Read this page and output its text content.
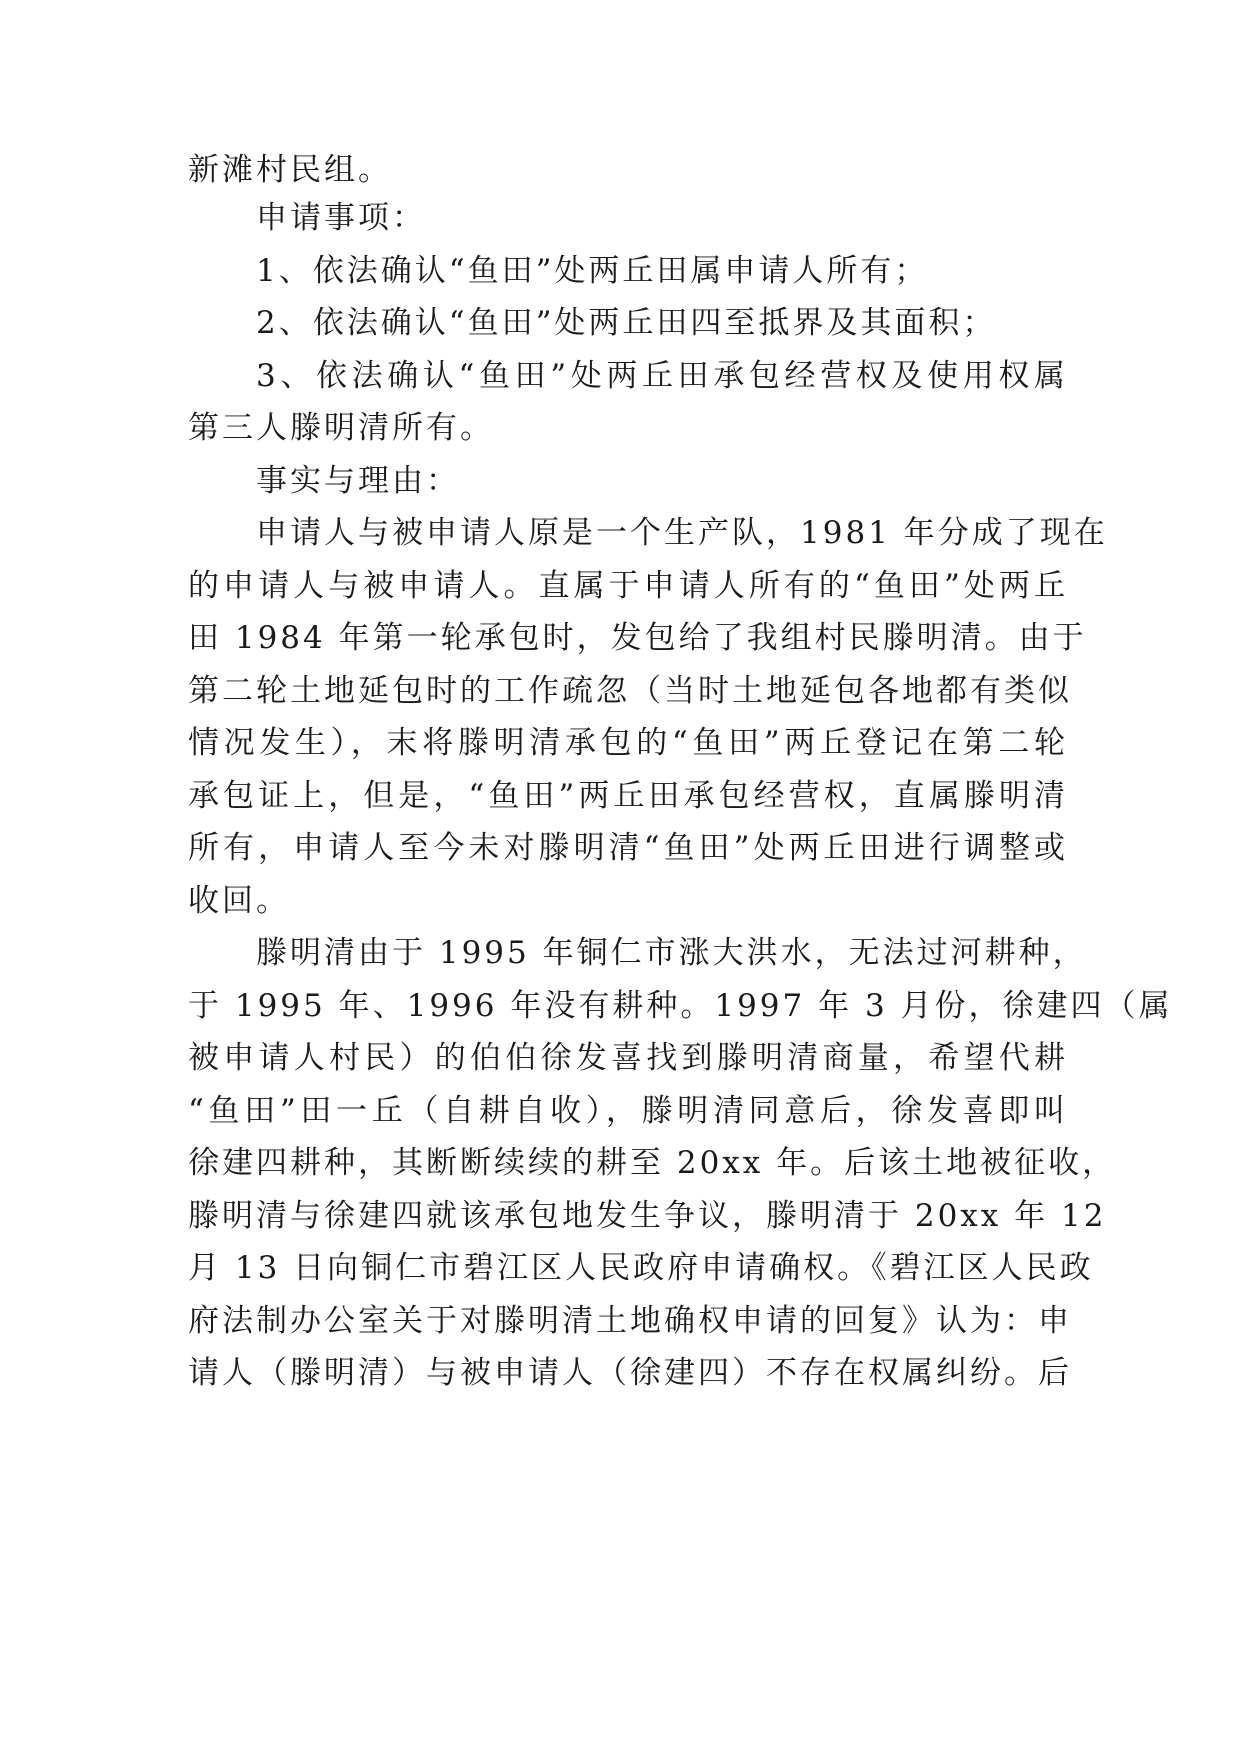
新滩村民组。
申请事项：
1、依法确认“鱼田”处两丘田属申请人所有；
2、依法确认“鱼田”处两丘田四至抵界及其面积；
3、依法确认“鱼田”处两丘田承包经营权及使用权属
第三人滕明清所有。
事实与理由：
申请人与被申请人原是一个生产队，1981 年分成了现在
的申请人与被申请人。直属于申请人所有的“鱼田”处两丘
田 1984 年第一轮承包时，发包给了我组村民滕明清。由于
第二轮土地延包时的工作疏忽（当时土地延包各地都有类似
情况发生），末将滕明清承包的“鱼田”两丘登记在第二轮
承包证上，但是，“鱼田”两丘田承包经营权，直属滕明清
所有，申请人至今未对滕明清“鱼田”处两丘田进行调整或
收回。
滕明清由于 1995 年铜仁市涨大洪水，无法过河耕种，
于 1995 年、1996 年没有耕种。1997 年 3 月份，徐建四（属
被申请人村民）的伯伯徐发喜找到滕明清商量，希望代耕
“鱼田”田一丘（自耕自收），滕明清同意后，徐发喜即叫
徐建四耕种，其断断续续的耕至 20xx 年。后该土地被征收，
滕明清与徐建四就该承包地发生争议，滕明清于 20xx 年 12
月 13 日向铜仁市碧江区人民政府申请确权。《碧江区人民政
府法制办公室关于对滕明清土地确权申请的回复》认为：申
请人（滕明清）与被申请人（徐建四）不存在权属纠纷。后
